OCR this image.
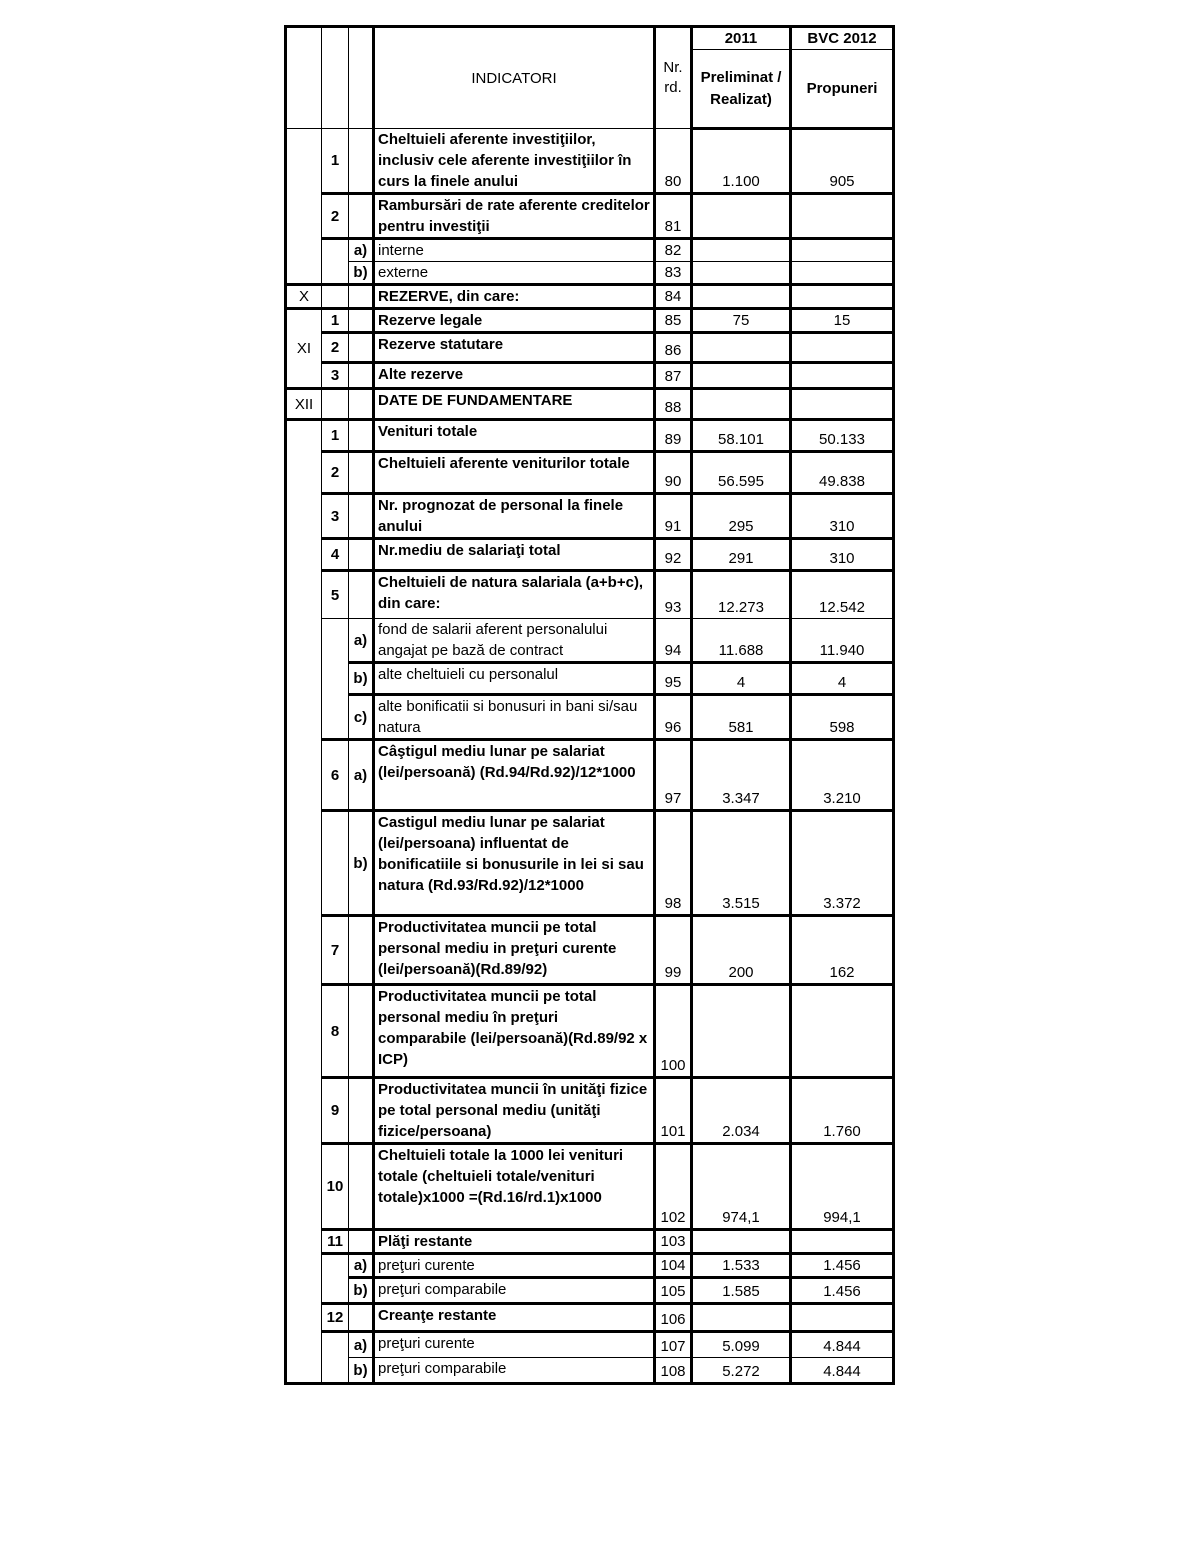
			INDICATORI	Nr. rd.	2011	BVC 2012
					Preliminat / Realizat)	Propuneri
	1		Cheltuieli aferente investiţiilor, inclusiv cele aferente investiţiilor în curs la finele anului	80	1.100	905
	2		Rambursări de rate aferente creditelor pentru investiţii	81		
		a)	interne	82		
		b)	externe	83		
X			REZERVE, din care:	84		
XI	1		Rezerve legale	85	75	15
	2		Rezerve statutare	86		
	3		Alte rezerve	87		
XII			DATE DE FUNDAMENTARE	88		
	1		Venituri totale	89	58.101	50.133
	2		Cheltuieli aferente veniturilor totale	90	56.595	49.838
	3		Nr. prognozat de personal la finele anului	91	295	310
	4		Nr.mediu de salariaţi total	92	291	310
	5		Cheltuieli de natura salariala (a+b+c), din care:	93	12.273	12.542
		a)	fond de salarii aferent personalului angajat pe bază de contract	94	11.688	11.940
		b)	alte cheltuieli cu personalul	95	4	4
		c)	alte bonificatii si bonusuri in bani si/sau natura	96	581	598
	6	a)	Câştigul mediu lunar pe salariat (lei/persoană) (Rd.94/Rd.92)/12*1000	97	3.347	3.210
		b)	Castigul mediu lunar pe salariat (lei/persoana) influentat de bonificatiile si bonusurile in lei si sau natura (Rd.93/Rd.92)/12*1000	98	3.515	3.372
	7		Productivitatea muncii pe total personal mediu in preţuri curente (lei/persoană)(Rd.89/92)	99	200	162
	8		Productivitatea muncii pe total personal mediu în preţuri comparabile (lei/persoană)(Rd.89/92 x ICP)	100		
	9		Productivitatea muncii în unităţi fizice pe total personal mediu (unităţi fizice/persoana)	101	2.034	1.760
	10		Cheltuieli totale la 1000 lei venituri totale (cheltuieli totale/venituri totale)x1000 =(Rd.16/rd.1)x1000	102	974,1	994,1
	11		Plăţi restante	103		
		a)	preţuri curente	104	1.533	1.456
		b)	preţuri comparabile	105	1.585	1.456
	12		Creanţe restante	106		
		a)	preţuri curente	107	5.099	4.844
		b)	preţuri comparabile	108	5.272	4.844
